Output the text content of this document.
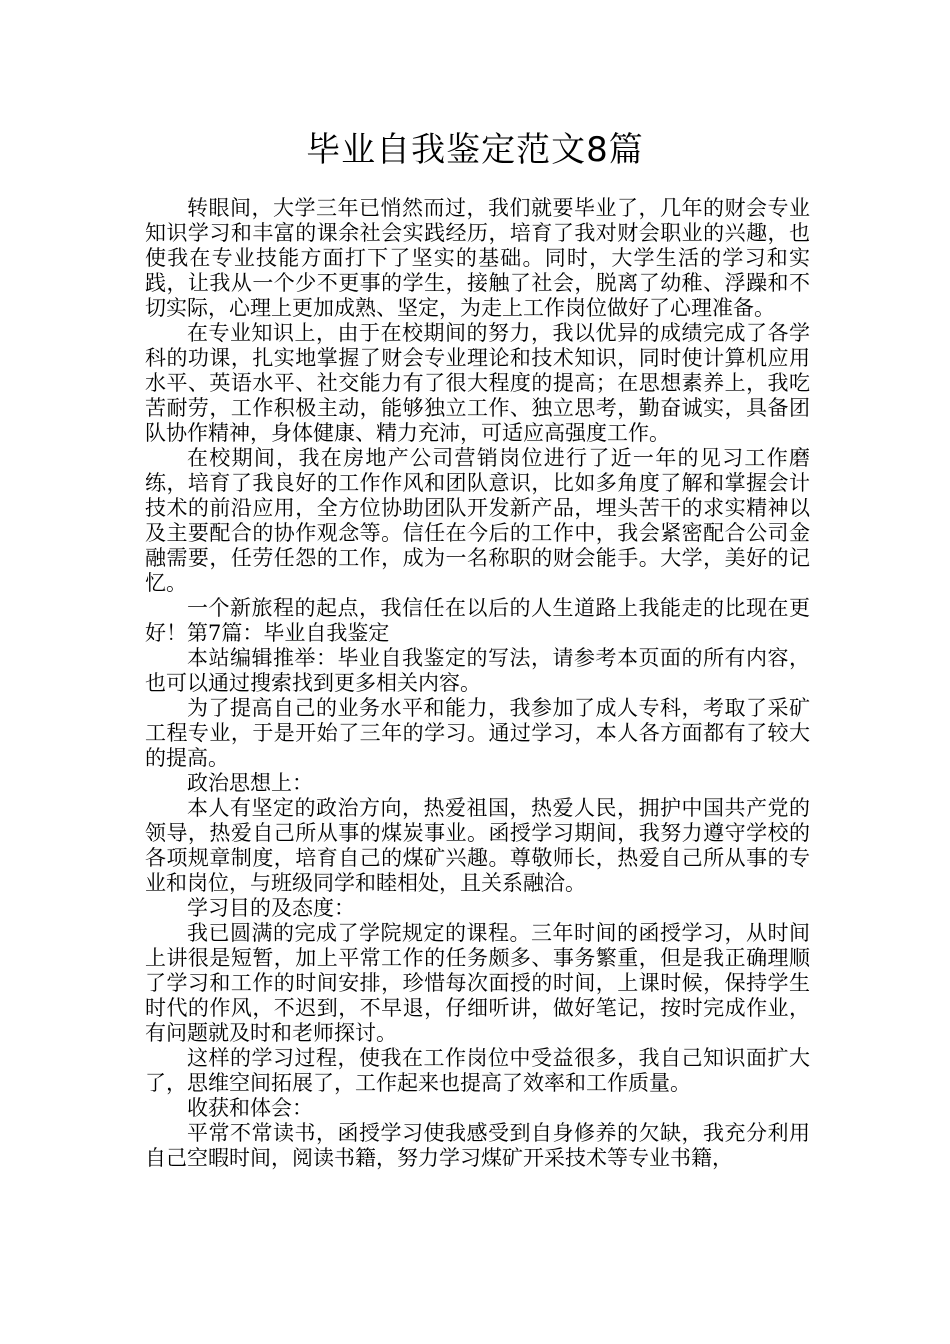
毕业自我鉴定范文8篇

转眼间，大学三年已悄然而过，我们就要毕业了，几年的财会专业知识学习和丰富的课余社会实践经历，培育了我对财会职业的兴趣，也使我在专业技能方面打下了坚实的基础。同时，大学生活的学习和实践，让我从一个少不更事的学生，接触了社会，脱离了幼稚、浮躁和不切实际，心理上更加成熟、坚定，为走上工作岗位做好了心理准备。

在专业知识上，由于在校期间的努力，我以优异的成绩完成了各学科的功课，扎实地掌握了财会专业理论和技术知识，同时使计算机应用水平、英语水平、社交能力有了很大程度的提高；在思想素养上，我吃苦耐劳，工作积极主动，能够独立工作、独立思考，勤奋诚实，具备团队协作精神，身体健康、精力充沛，可适应高强度工作。

在校期间，我在房地产公司营销岗位进行了近一年的见习工作磨练，培育了我良好的工作作风和团队意识，比如多角度了解和掌握会计技术的前沿应用，全方位协助团队开发新产品，埋头苦干的求实精神以及主要配合的协作观念等。信任在今后的工作中，我会紧密配合公司金融需要，任劳任怨的工作，成为一名称职的财会能手。大学，美好的记忆。

一个新旅程的起点，我信任在以后的人生道路上我能走的比现在更好！第7篇：毕业自我鉴定

本站编辑推举：毕业自我鉴定的写法，请参考本页面的所有内容，也可以通过搜索找到更多相关内容。

为了提高自己的业务水平和能力，我参加了成人专科，考取了采矿工程专业，于是开始了三年的学习。通过学习，本人各方面都有了较大的提高。

政治思想上：

本人有坚定的政治方向，热爱祖国，热爱人民，拥护中国共产党的领导，热爱自己所从事的煤炭事业。函授学习期间，我努力遵守学校的各项规章制度，培育自己的煤矿兴趣。尊敬师长，热爱自己所从事的专业和岗位，与班级同学和睦相处，且关系融洽。

学习目的及态度：

我已圆满的完成了学院规定的课程。三年时间的函授学习，从时间上讲很是短暂，加上平常工作的任务颇多、事务繁重，但是我正确理顺了学习和工作的时间安排，珍惜每次面授的时间，上课时候，保持学生时代的作风，不迟到，不早退，仔细听讲，做好笔记，按时完成作业，有问题就及时和老师探讨。

这样的学习过程，使我在工作岗位中受益很多，我自己知识面扩大了，思维空间拓展了，工作起来也提高了效率和工作质量。

收获和体会：

平常不常读书，函授学习使我感受到自身修养的欠缺，我充分利用自己空暇时间，阅读书籍，努力学习煤矿开采技术等专业书籍，
